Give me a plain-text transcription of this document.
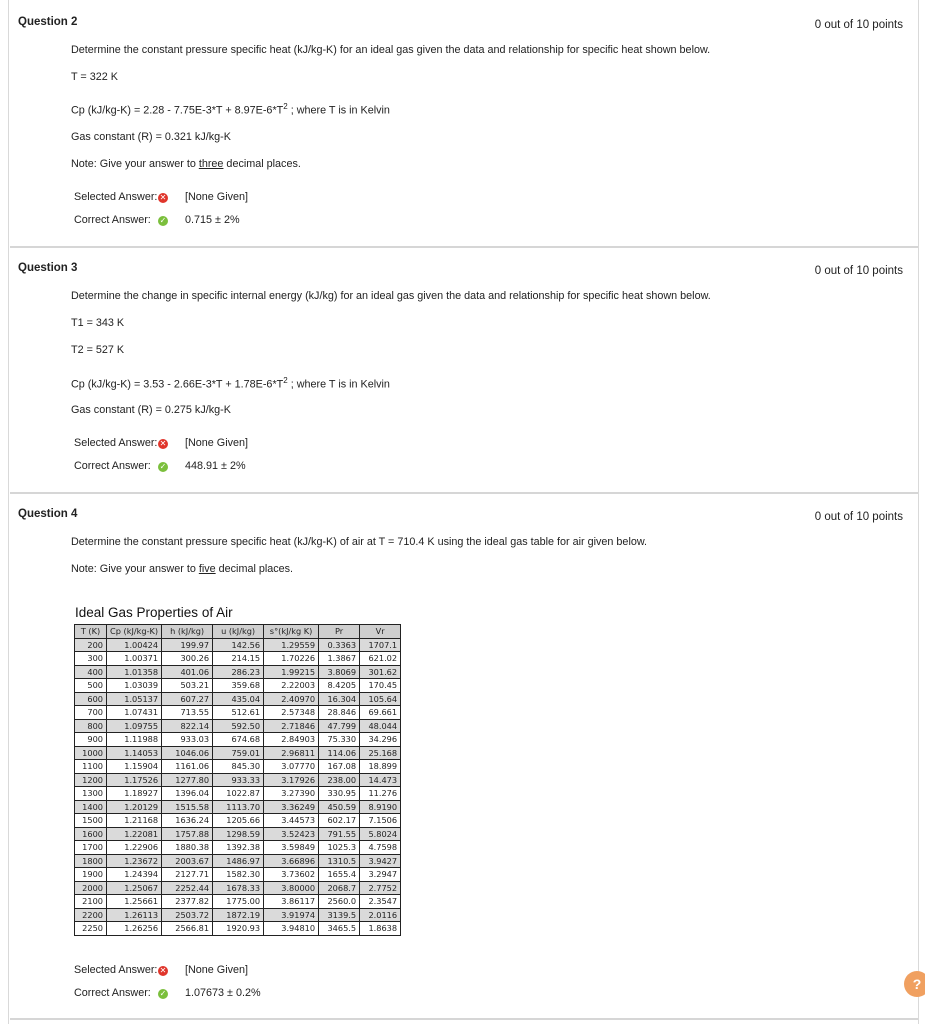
Question 2	0 out of 10 points
Determine the constant pressure specific heat (kJ/kg-K) for an ideal gas given the data and relationship for specific heat shown below.
T = 322 K
Cp $(kJ/kg-K) = 2.28 - 7.75E-3*T + 8.97E-6*T^2$ ; where T is in Kelvin
Gas constant (R) = 0.321 kJ/kg-K
Note: Give your answer to three decimal places.
Selected Answer: ✕ [None Given]
Correct Answer: ✓ 0.715 ± 2%
Question 3	0 out of 10 points
Determine the change in specific internal energy (kJ/kg) for an ideal gas given the data and relationship for specific heat shown below.
T1 = 343 K
T2 = 527 K
Cp $(kJ/kg-K) = 3.53 - 2.66E-3*T + 1.78E-6*T^2$ ; where T is in Kelvin
Gas constant (R) = 0.275 kJ/kg-K
Selected Answer: ✕ [None Given]
Correct Answer: ✓ 448.91 ± 2%
Question 4	0 out of 10 points
Determine the constant pressure specific heat (kJ/kg-K) of air at T = 710.4 K using the ideal gas table for air given below.
Note: Give your answer to five decimal places.
Ideal Gas Properties of Air
T (K)	Cp (kJ/kg-K)	h (kJ/kg)	u (kJ/kg)	s°(kJ/kg K)	Pr	Vr
200	1.00424	199.97	142.56	1.29559	0.3363	1707.1
300	1.00371	300.26	214.15	1.70226	1.3867	621.02
400	1.01358	401.06	286.23	1.99215	3.8069	301.62
500	1.03039	503.21	359.68	2.22003	8.4205	170.45
600	1.05137	607.27	435.04	2.40970	16.304	105.64
700	1.07431	713.55	512.61	2.57348	28.846	69.661
800	1.09755	822.14	592.50	2.71846	47.799	48.044
900	1.11988	933.03	674.68	2.84903	75.330	34.296
1000	1.14053	1046.06	759.01	2.96811	114.06	25.168
1100	1.15904	1161.06	845.30	3.07770	167.08	18.899
1200	1.17526	1277.80	933.33	3.17926	238.00	14.473
1300	1.18927	1396.04	1022.87	3.27390	330.95	11.276
1400	1.20129	1515.58	1113.70	3.36249	450.59	8.9190
1500	1.21168	1636.24	1205.66	3.44573	602.17	7.1506
1600	1.22081	1757.88	1298.59	3.52423	791.55	5.8024
1700	1.22906	1880.38	1392.38	3.59849	1025.3	4.7598
1800	1.23672	2003.67	1486.97	3.66896	1310.5	3.9427
1900	1.24394	2127.71	1582.30	3.73602	1655.4	3.2947
2000	1.25067	2252.44	1678.33	3.80000	2068.7	2.7752
2100	1.25661	2377.82	1775.00	3.86117	2560.0	2.3547
2200	1.26113	2503.72	1872.19	3.91974	3139.5	2.0116
2250	1.26256	2566.81	1920.93	3.94810	3465.5	1.8638
Selected Answer: ✕ [None Given]
Correct Answer: ✓ 1.07673 ± 0.2%
?
